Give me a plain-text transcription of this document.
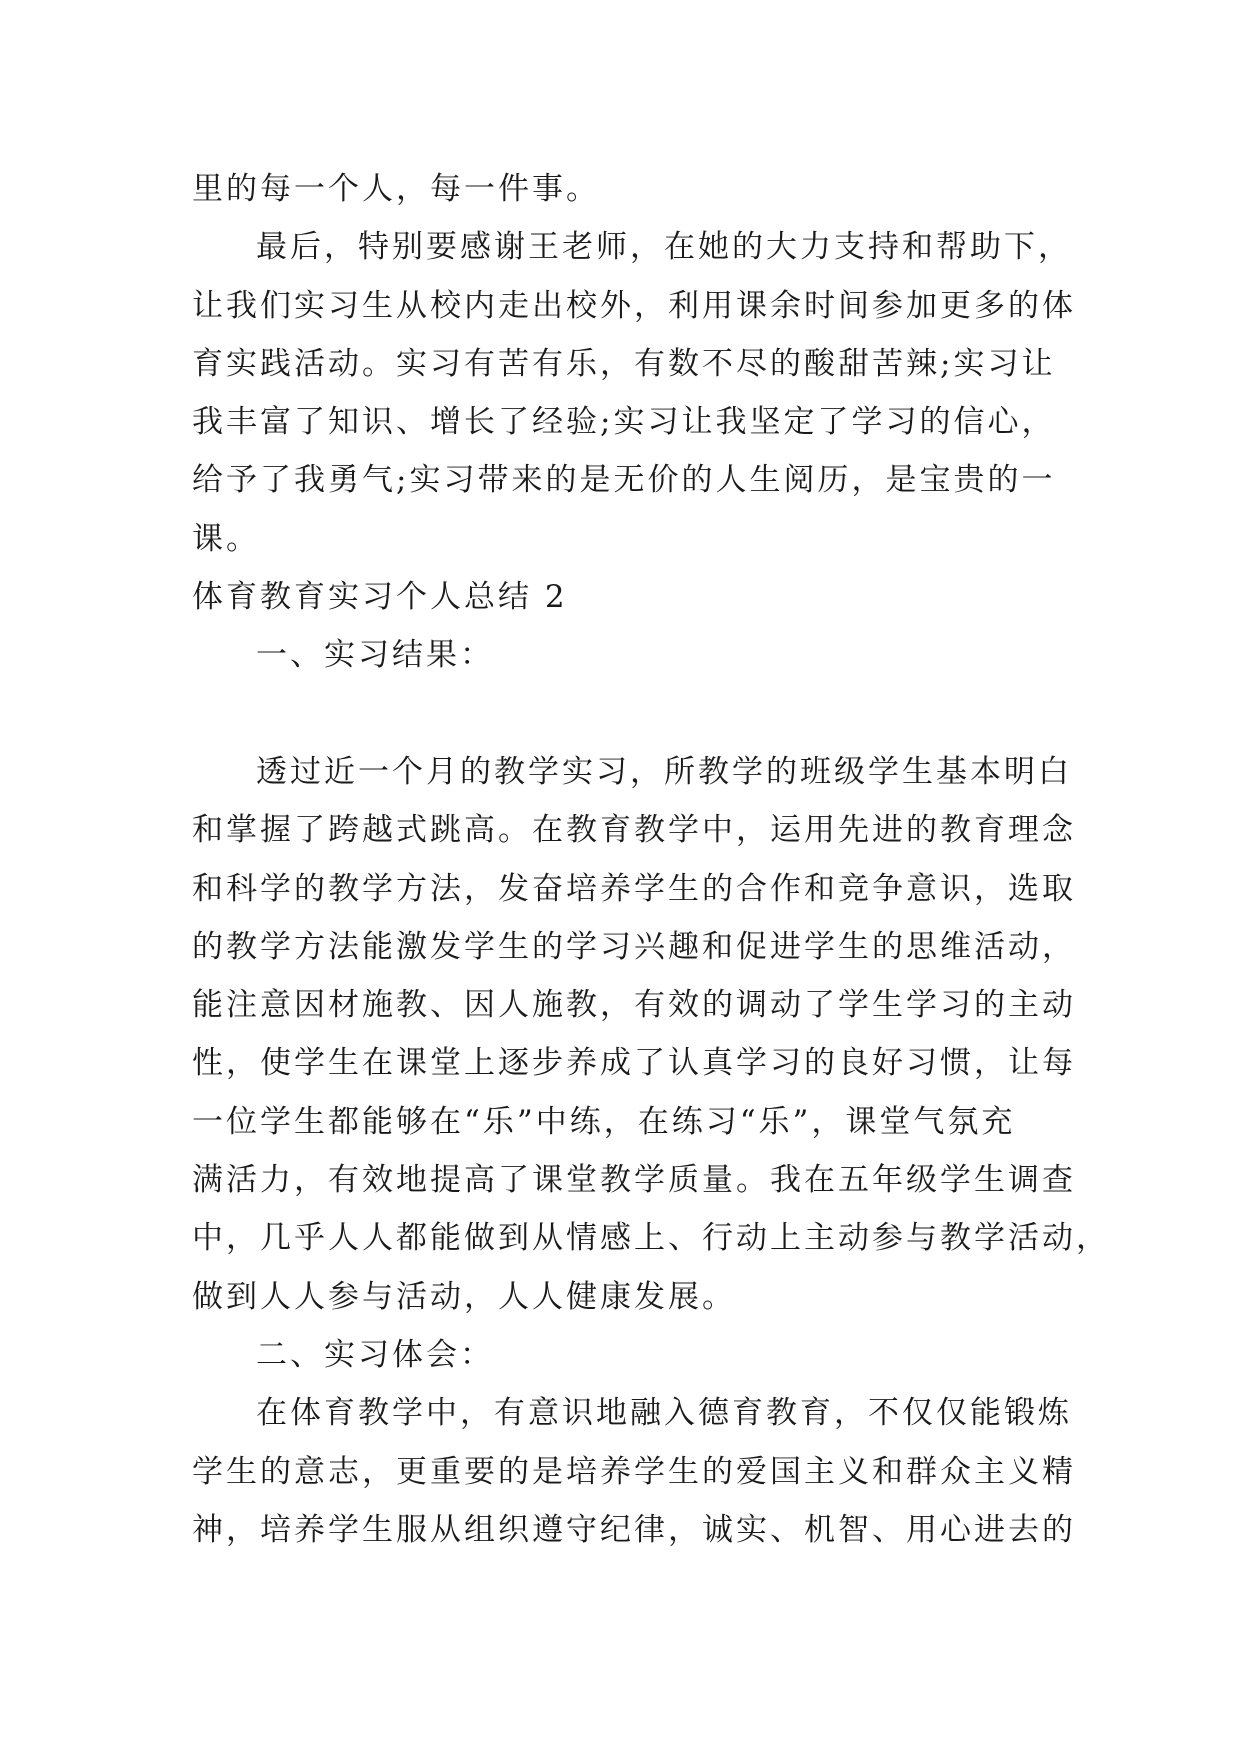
里的每一个人，每一件事。
最后，特别要感谢王老师，在她的大力支持和帮助下，
让我们实习生从校内走出校外，利用课余时间参加更多的体
育实践活动。实习有苦有乐，有数不尽的酸甜苦辣;实习让
我丰富了知识、增长了经验;实习让我坚定了学习的信心，
给予了我勇气;实习带来的是无价的人生阅历，是宝贵的一
课。
体育教育实习个人总结 2
一、实习结果：
透过近一个月的教学实习，所教学的班级学生基本明白
和掌握了跨越式跳高。在教育教学中，运用先进的教育理念
和科学的教学方法，发奋培养学生的合作和竞争意识，选取
的教学方法能激发学生的学习兴趣和促进学生的思维活动，
能注意因材施教、因人施教，有效的调动了学生学习的主动
性，使学生在课堂上逐步养成了认真学习的良好习惯，让每
一位学生都能够在“乐”中练，在练习“乐”，课堂气氛充
满活力，有效地提高了课堂教学质量。我在五年级学生调查
中，几乎人人都能做到从情感上、行动上主动参与教学活动，
做到人人参与活动，人人健康发展。
二、实习体会：
在体育教学中，有意识地融入德育教育，不仅仅能锻炼
学生的意志，更重要的是培养学生的爱国主义和群众主义精
神，培养学生服从组织遵守纪律，诚实、机智、用心进去的
